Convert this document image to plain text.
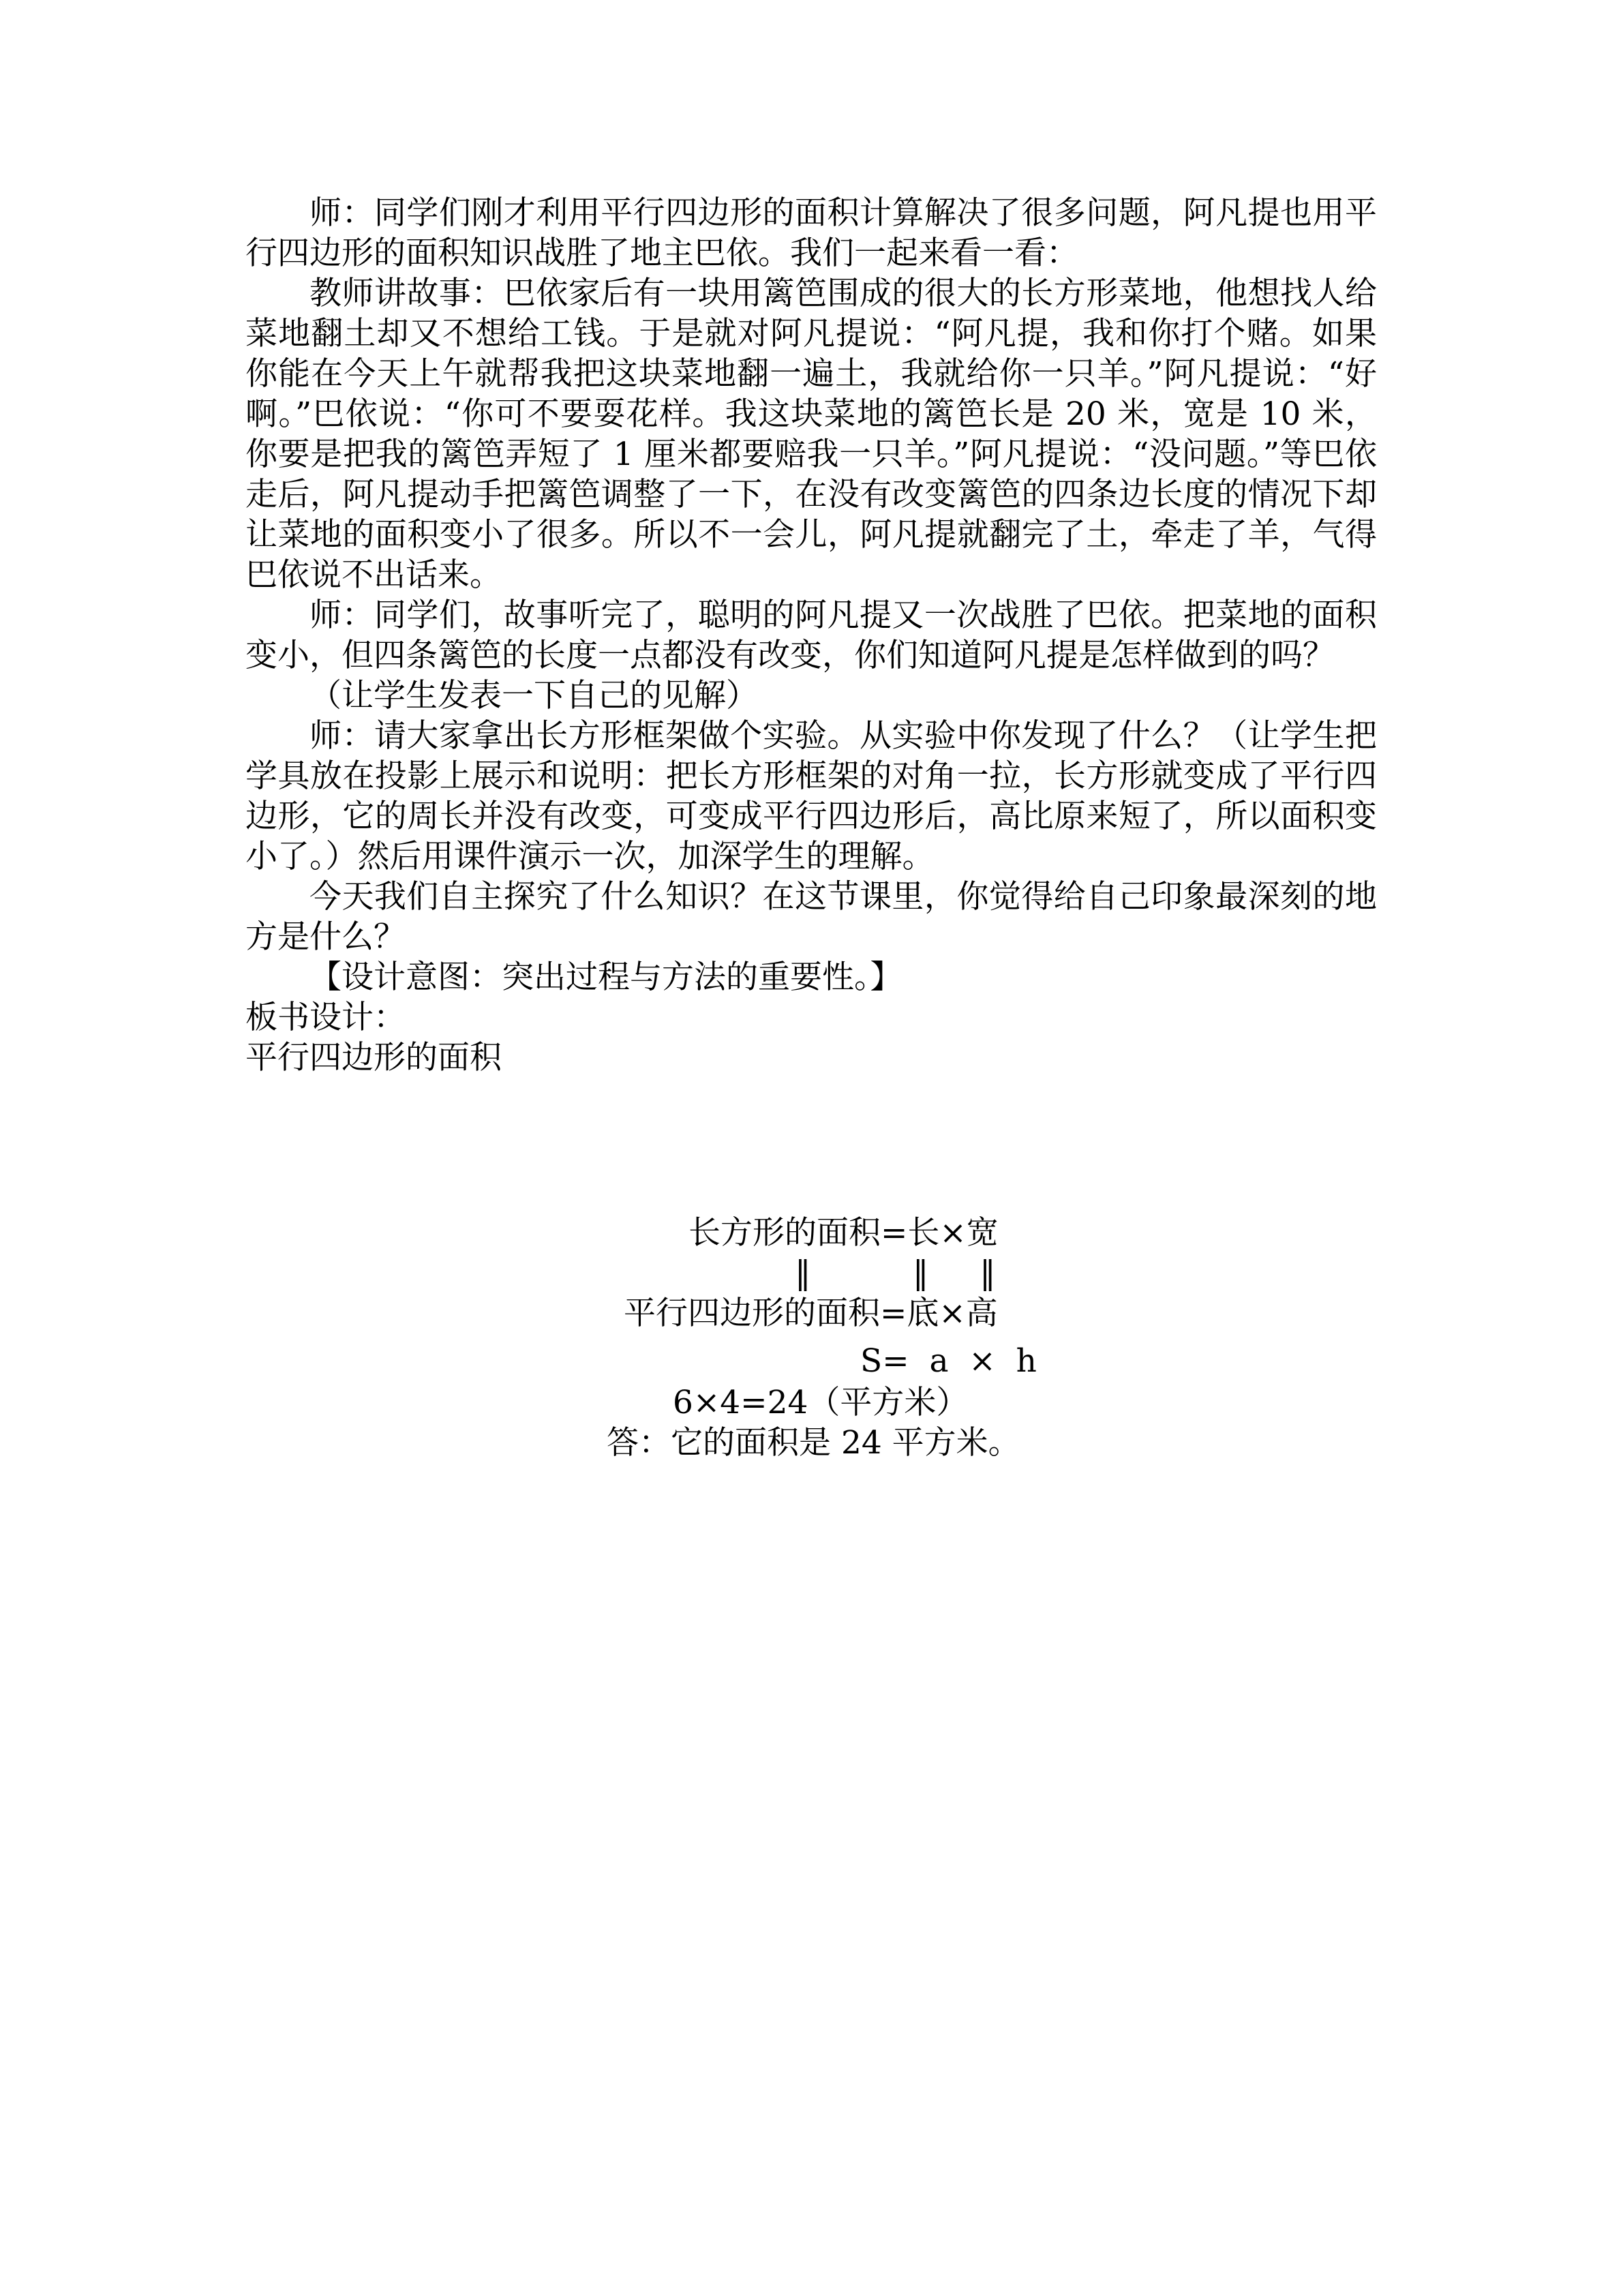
师：同学们刚才利用平行四边形的面积计算解决了很多问题，阿凡提也用平行四边形的面积知识战胜了地主巴依。我们一起来看一看：

教师讲故事：巴依家后有一块用篱笆围成的很大的长方形菜地，他想找人给菜地翻土却又不想给工钱。于是就对阿凡提说：“阿凡提，我和你打个赌。如果你能在今天上午就帮我把这块菜地翻一遍土，我就给你一只羊。”阿凡提说：“好啊。”巴依说：“你可不要耍花样。我这块菜地的篱笆长是 20 米，宽是 10 米，你要是把我的篱笆弄短了 1 厘米都要赔我一只羊。”阿凡提说：“没问题。”等巴依走后，阿凡提动手把篱笆调整了一下，在没有改变篱笆的四条边长度的情况下却让菜地的面积变小了很多。所以不一会儿，阿凡提就翻完了土，牵走了羊，气得巴依说不出话来。

师：同学们，故事听完了，聪明的阿凡提又一次战胜了巴依。把菜地的面积变小，但四条篱笆的长度一点都没有改变，你们知道阿凡提是怎样做到的吗？

（让学生发表一下自己的见解）

师：请大家拿出长方形框架做个实验。从实验中你发现了什么？（让学生把学具放在投影上展示和说明：把长方形框架的对角一拉，长方形就变成了平行四边形，它的周长并没有改变，可变成平行四边形后，高比原来短了，所以面积变小了。）然后用课件演示一次，加深学生的理解。

今天我们自主探究了什么知识？在这节课里，你觉得给自己印象最深刻的地方是什么？

【设计意图：突出过程与方法的重要性。】

板书设计：

平行四边形的面积

长方形的面积=长×宽
‖          ‖     ‖
平行四边形的面积=底×高
S=  a  ×  h
6×4=24（平方米）
答：它的面积是 24 平方米。
